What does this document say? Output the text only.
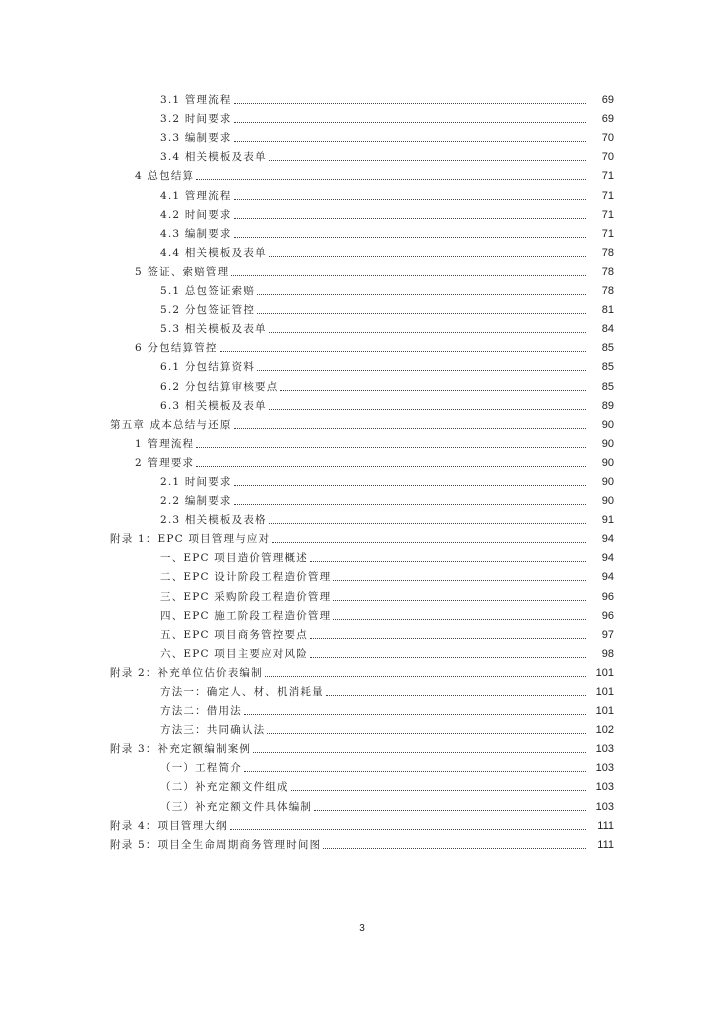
3.1 管理流程	69
3.2 时间要求	69
3.3 编制要求	70
3.4 相关模板及表单	70
4 总包结算	71
4.1 管理流程	71
4.2 时间要求	71
4.3 编制要求	71
4.4 相关模板及表单	78
5 签证、索赔管理	78
5.1 总包签证索赔	78
5.2 分包签证管控	81
5.3 相关模板及表单	84
6 分包结算管控	85
6.1 分包结算资料	85
6.2 分包结算审核要点	85
6.3 相关模板及表单	89
第五章 成本总结与还原	90
1 管理流程	90
2 管理要求	90
2.1 时间要求	90
2.2 编制要求	90
2.3 相关模板及表格	91
附录 1：EPC 项目管理与应对	94
一、EPC 项目造价管理概述	94
二、EPC 设计阶段工程造价管理	94
三、EPC 采购阶段工程造价管理	96
四、EPC 施工阶段工程造价管理	96
五、EPC 项目商务管控要点	97
六、EPC 项目主要应对风险	98
附录 2：补充单位估价表编制	101
方法一：确定人、材、机消耗量	101
方法二：借用法	101
方法三：共同确认法	102
附录 3：补充定额编制案例	103
（一）工程简介	103
（二）补充定额文件组成	103
（三）补充定额文件具体编制	103
附录 4：项目管理大纲	111
附录 5：项目全生命周期商务管理时间图	111
3
